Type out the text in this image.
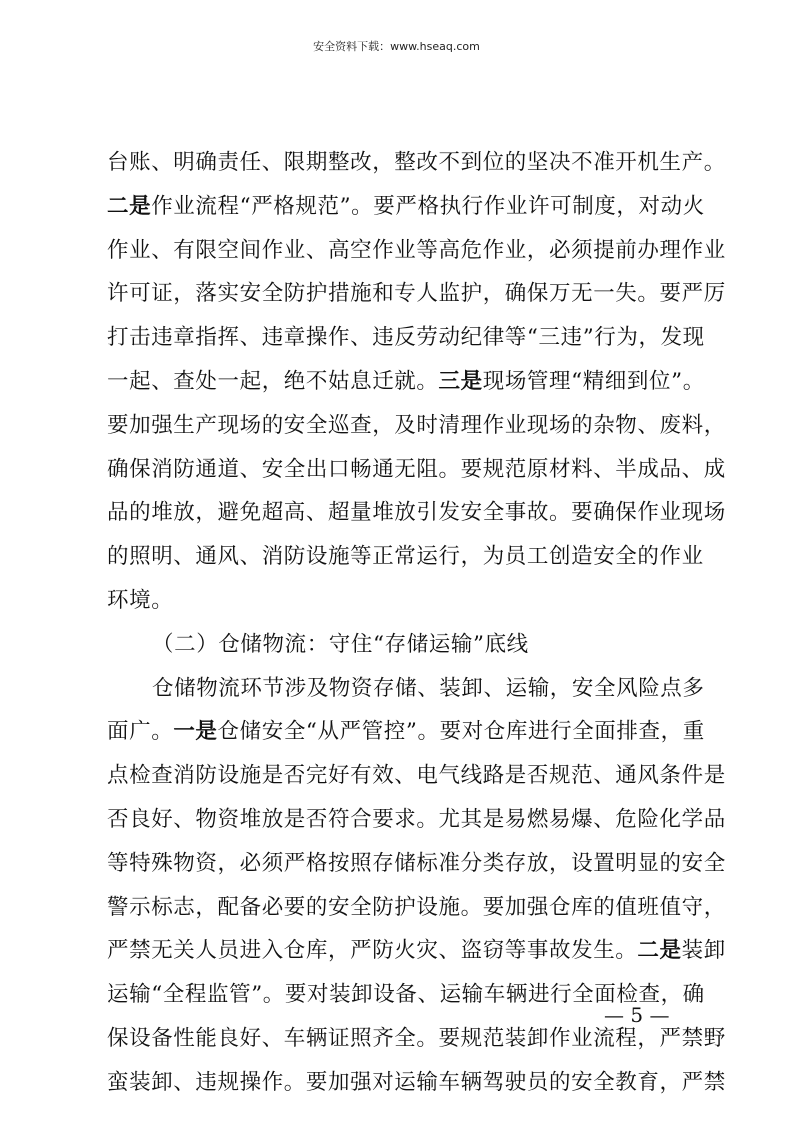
安全资料下载：www.hseaq.com
台账、明确责任、限期整改，整改不到位的坚决不准开机生产。
二是作业流程“严格规范”。要严格执行作业许可制度，对动火
作业、有限空间作业、高空作业等高危作业，必须提前办理作业
许可证，落实安全防护措施和专人监护，确保万无一失。要严厉
打击违章指挥、违章操作、违反劳动纪律等“三违”行为，发现
一起、查处一起，绝不姑息迁就。三是现场管理“精细到位”。
要加强生产现场的安全巡查，及时清理作业现场的杂物、废料，
确保消防通道、安全出口畅通无阻。要规范原材料、半成品、成
品的堆放，避免超高、超量堆放引发安全事故。要确保作业现场
的照明、通风、消防设施等正常运行，为员工创造安全的作业
环境。
（二）仓储物流：守住“存储运输”底线
仓储物流环节涉及物资存储、装卸、运输，安全风险点多
面广。一是仓储安全“从严管控”。要对仓库进行全面排查，重
点检查消防设施是否完好有效、电气线路是否规范、通风条件是
否良好、物资堆放是否符合要求。尤其是易燃易爆、危险化学品
等特殊物资，必须严格按照存储标准分类存放，设置明显的安全
警示标志，配备必要的安全防护设施。要加强仓库的值班值守，
严禁无关人员进入仓库，严防火灾、盗窃等事故发生。二是装卸
运输“全程监管”。要对装卸设备、运输车辆进行全面检查，确
保设备性能良好、车辆证照齐全。要规范装卸作业流程，严禁野
蛮装卸、违规操作。要加强对运输车辆驾驶员的安全教育，严禁
— 5 —
